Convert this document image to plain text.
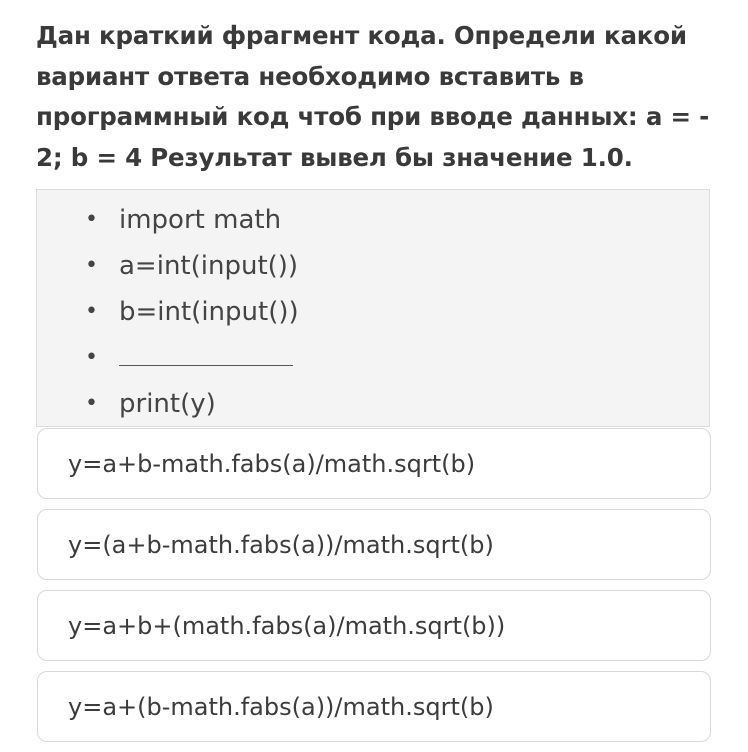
Дан краткий фрагмент кода. Определи какой вариант ответа необходимо вставить в программный код чтоб при вводе данных: a = - 2; b = 4 Результат вывел бы значение 1.0.
• import math
• a=int(input())
• b=int(input())
•
• print(y)
y=a+b-math.fabs(a)/math.sqrt(b)
y=(a+b-math.fabs(a))/math.sqrt(b)
y=a+b+(math.fabs(a)/math.sqrt(b))
y=a+(b-math.fabs(a))/math.sqrt(b)
